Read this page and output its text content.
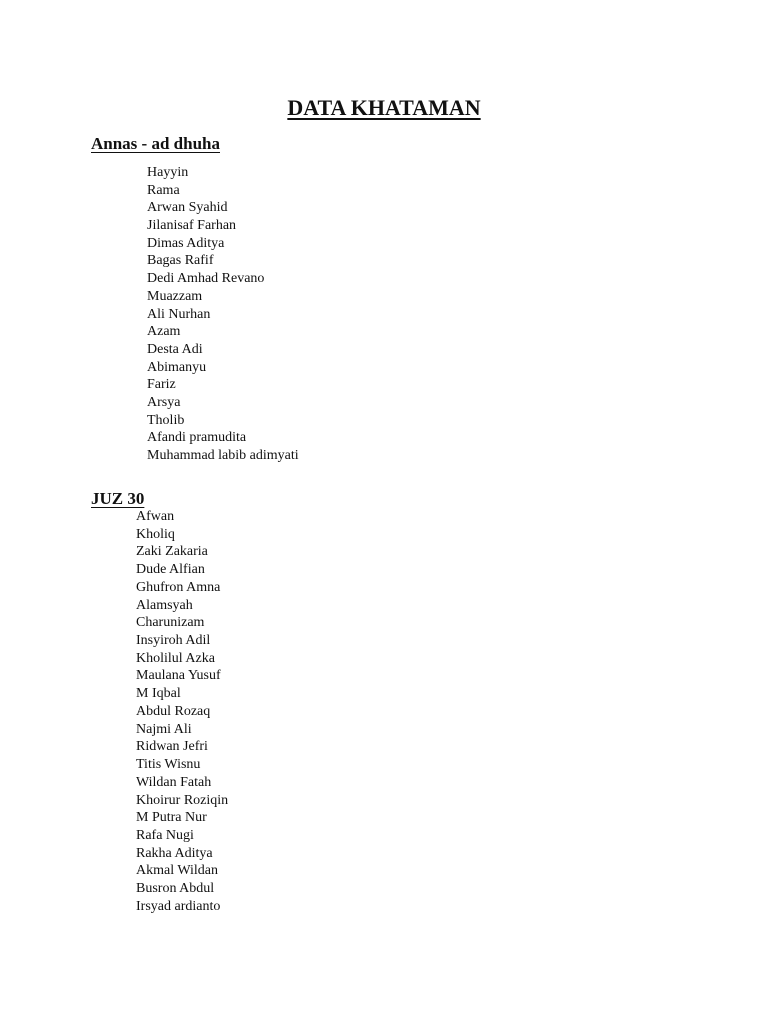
DATA KHATAMAN
Annas - ad dhuha
Hayyin
Rama
Arwan Syahid
Jilanisaf Farhan
Dimas Aditya
Bagas Rafif
Dedi Amhad Revano
Muazzam
Ali Nurhan
Azam
Desta Adi
Abimanyu
Fariz
Arsya
Tholib
Afandi pramudita
Muhammad labib adimyati
JUZ 30
Afwan
Kholiq
Zaki Zakaria
Dude Alfian
Ghufron Amna
Alamsyah
Charunizam
Insyiroh Adil
Kholilul Azka
Maulana Yusuf
M Iqbal
Abdul Rozaq
Najmi Ali
Ridwan Jefri
Titis Wisnu
Wildan Fatah
Khoirur Roziqin
M Putra Nur
Rafa Nugi
Rakha Aditya
Akmal Wildan
Busron Abdul
Irsyad ardianto
